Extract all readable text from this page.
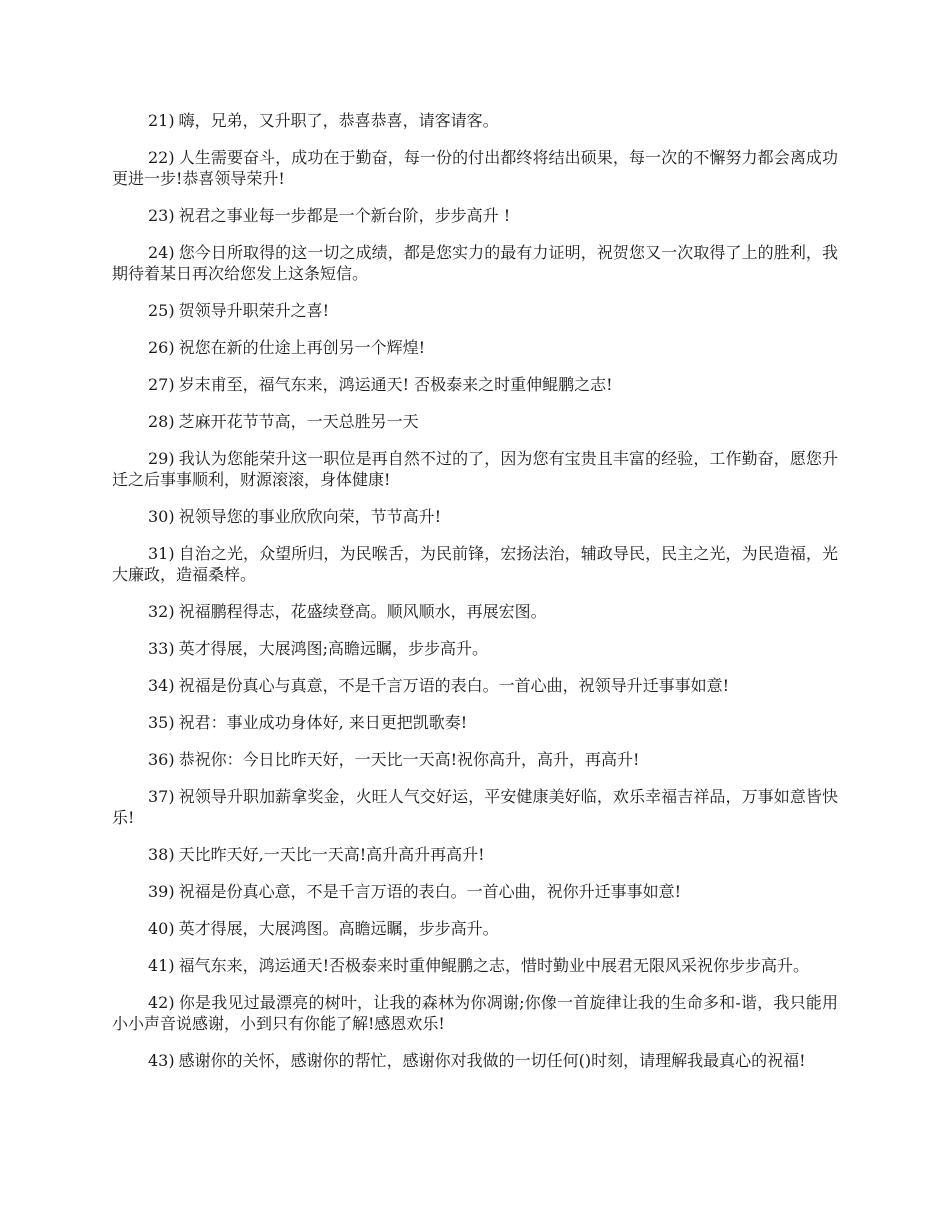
21) 嗨，兄弟，又升职了，恭喜恭喜，请客请客。

22) 人生需要奋斗，成功在于勤奋，每一份的付出都终将结出硕果，每一次的不懈努力都会离成功更进一步!恭喜领导荣升!

23) 祝君之事业每一步都是一个新台阶，步步高升 !

24) 您今日所取得的这一切之成绩，都是您实力的最有力证明，祝贺您又一次取得了上的胜利，我期待着某日再次给您发上这条短信。

25) 贺领导升职荣升之喜!

26) 祝您在新的仕途上再创另一个辉煌!

27) 岁末甫至，福气东来，鸿运通天! 否极泰来之时重伸鲲鹏之志!

28) 芝麻开花节节高，一天总胜另一天

29) 我认为您能荣升这一职位是再自然不过的了，因为您有宝贵且丰富的经验，工作勤奋，愿您升迁之后事事顺利，财源滚滚，身体健康!

30) 祝领导您的事业欣欣向荣，节节高升!

31) 自治之光，众望所归，为民喉舌，为民前锋，宏扬法治，辅政导民，民主之光，为民造福，光大廉政，造福桑梓。

32) 祝福鹏程得志，花盛续登高。顺风顺水，再展宏图。

33) 英才得展，大展鸿图;高瞻远瞩，步步高升。

34) 祝福是份真心与真意，不是千言万语的表白。一首心曲，祝领导升迁事事如意!

35) 祝君：事业成功身体好, 来日更把凯歌奏!

36) 恭祝你：今日比昨天好，一天比一天高!祝你高升，高升，再高升!

37) 祝领导升职加薪拿奖金，火旺人气交好运，平安健康美好临，欢乐幸福吉祥品，万事如意皆快乐!

38) 天比昨天好,一天比一天高!高升高升再高升!

39) 祝福是份真心意，不是千言万语的表白。一首心曲，祝你升迁事事如意!

40) 英才得展，大展鸿图。高瞻远瞩，步步高升。

41) 福气东来，鸿运通天!否极泰来时重伸鲲鹏之志，惜时勤业中展君无限风采祝你步步高升。

42) 你是我见过最漂亮的树叶，让我的森林为你凋谢;你像一首旋律让我的生命多和-谐，我只能用小小声音说感谢，小到只有你能了解!感恩欢乐!

43) 感谢你的关怀，感谢你的帮忙，感谢你对我做的一切任何()时刻，请理解我最真心的祝福!
